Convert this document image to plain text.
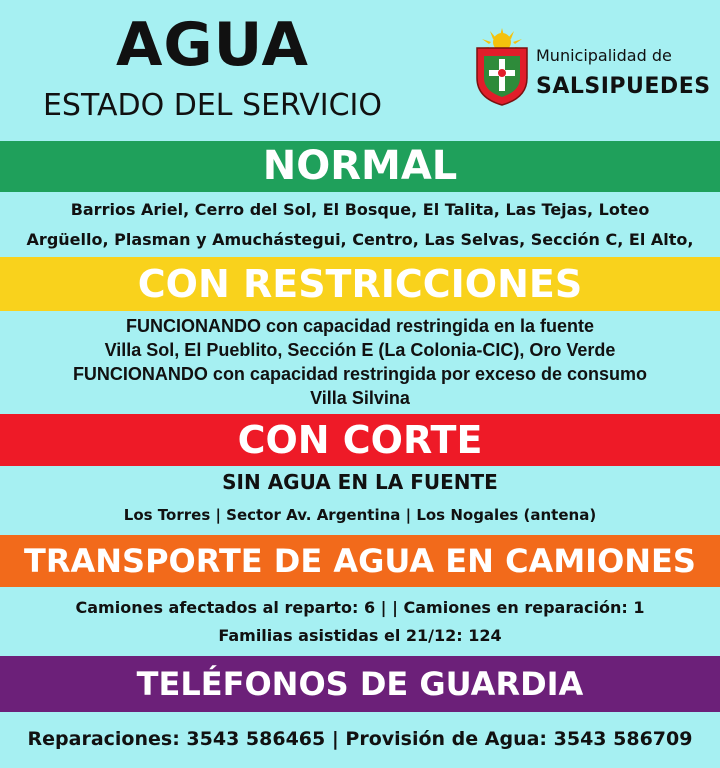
AGUA
ESTADO DEL SERVICIO
Municipalidad de
SALSIPUEDES
NORMAL
Barrios Ariel, Cerro del Sol, El Bosque, El Talita, Las Tejas, Loteo
Argüello, Plasman y Amuchástegui, Centro, Las Selvas, Sección C, El Alto,
CON RESTRICCIONES
FUNCIONANDO con capacidad restringida en la fuente
Villa Sol, El Pueblito, Sección E (La Colonia-CIC), Oro Verde
FUNCIONANDO con capacidad restringida por exceso de consumo
Villa Silvina
CON CORTE
SIN AGUA EN LA FUENTE
Los Torres | Sector Av. Argentina | Los Nogales (antena)
TRANSPORTE DE AGUA EN CAMIONES
Camiones afectados al reparto: 6 | | Camiones en reparación: 1
Familias asistidas el 21/12: 124
TELÉFONOS DE GUARDIA
Reparaciones: 3543 586465 | Provisión de Agua: 3543 586709
